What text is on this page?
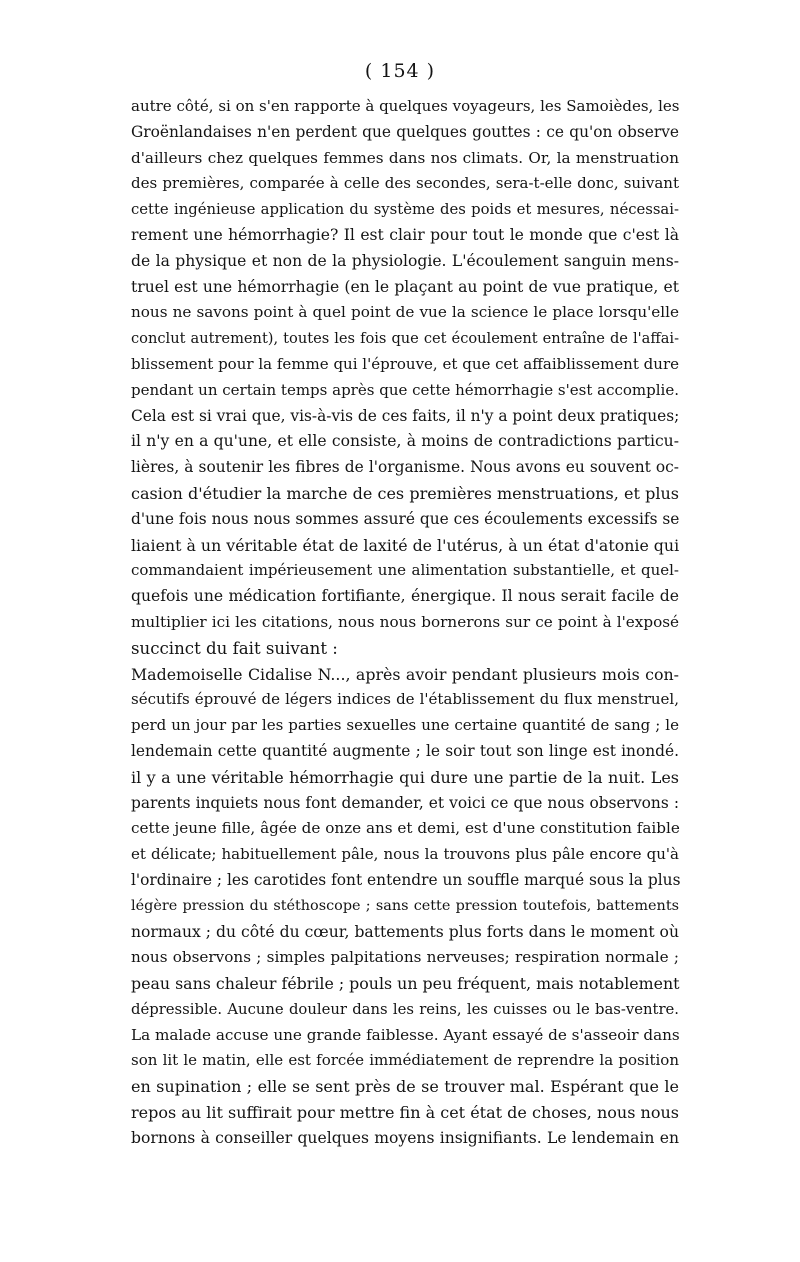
( 154 )
autre côté, si on s'en rapporte à quelques voyageurs, les Samoièdes, les
Groënlandaises n'en perdent que quelques gouttes : ce qu'on observe
d'ailleurs chez quelques femmes dans nos climats. Or, la menstruation
des premières, comparée à celle des secondes, sera-t-elle donc, suivant
cette ingénieuse application du système des poids et mesures, nécessai-
rement une hémorrhagie? Il est clair pour tout le monde que c'est là
de la physique et non de la physiologie. L'écoulement sanguin mens-
truel est une hémorrhagie (en le plaçant au point de vue pratique, et
nous ne savons point à quel point de vue la science le place lorsqu'elle
conclut autrement), toutes les fois que cet écoulement entraîne de l'affai-
blissement pour la femme qui l'éprouve, et que cet affaiblissement dure
pendant un certain temps après que cette hémorrhagie s'est accomplie.
Cela est si vrai que, vis-à-vis de ces faits, il n'y a point deux pratiques;
il n'y en a qu'une, et elle consiste, à moins de contradictions particu-
lières, à soutenir les fibres de l'organisme. Nous avons eu souvent oc-
casion d'étudier la marche de ces premières menstruations, et plus
d'une fois nous nous sommes assuré que ces écoulements excessifs se
liaient à un véritable état de laxité de l'utérus, à un état d'atonie qui
commandaient impérieusement une alimentation substantielle, et quel-
quefois une médication fortifiante, énergique. Il nous serait facile de
multiplier ici les citations, nous nous bornerons sur ce point à l'exposé
succinct du fait suivant :
Mademoiselle Cidalise N..., après avoir pendant plusieurs mois con-
sécutifs éprouvé de légers indices de l'établissement du flux menstruel,
perd un jour par les parties sexuelles une certaine quantité de sang ; le
lendemain cette quantité augmente ; le soir tout son linge est inondé.
il y a une véritable hémorrhagie qui dure une partie de la nuit. Les
parents inquiets nous font demander, et voici ce que nous observons :
cette jeune fille, âgée de onze ans et demi, est d'une constitution faible
et délicate; habituellement pâle, nous la trouvons plus pâle encore qu'à
l'ordinaire ; les carotides font entendre un souffle marqué sous la plus
légère pression du stéthoscope ; sans cette pression toutefois, battements
normaux ; du côté du cœur, battements plus forts dans le moment où
nous observons ; simples palpitations nerveuses; respiration normale ;
peau sans chaleur fébrile ; pouls un peu fréquent, mais notablement
dépressible. Aucune douleur dans les reins, les cuisses ou le bas-ventre.
La malade accuse une grande faiblesse. Ayant essayé de s'asseoir dans
son lit le matin, elle est forcée immédiatement de reprendre la position
en supination ; elle se sent près de se trouver mal. Espérant que le
repos au lit suffirait pour mettre fin à cet état de choses, nous nous
bornons à conseiller quelques moyens insignifiants. Le lendemain en
